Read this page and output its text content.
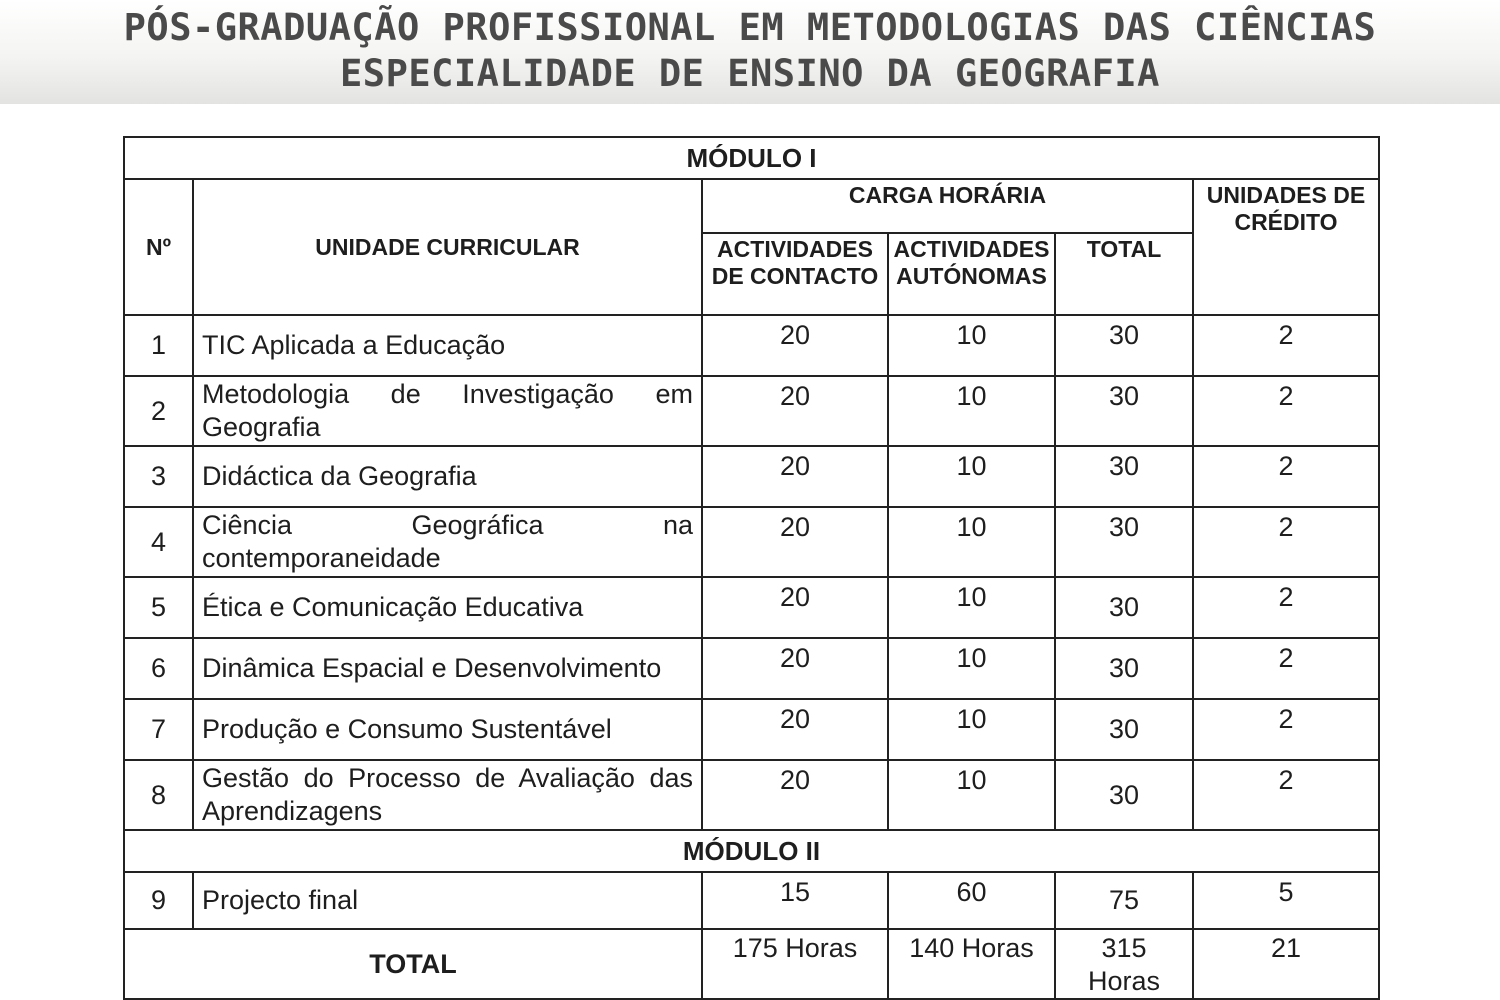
PÓS-GRADUAÇÃO PROFISSIONAL EM METODOLOGIAS DAS CIÊNCIAS
ESPECIALIDADE DE ENSINO DA GEOGRAFIA
MÓDULO I					
Nº	UNIDADE CURRICULAR	CARGA HORÁRIA			UNIDADES DE CRÉDITO
		ACTIVIDADES DE CONTACTO	ACTIVIDADES AUTÓNOMAS	TOTAL	
1	TIC Aplicada a Educação	20	10	30	2
2	Metodologia de Investigação em Geografia	20	10	30	2
3	Didáctica da Geografia	20	10	30	2
4	Ciência Geográfica na contemporaneidade	20	10	30	2
5	Ética e Comunicação Educativa	20	10	30	2
6	Dinâmica Espacial e Desenvolvimento	20	10	30	2
7	Produção e Consumo Sustentável	20	10	30	2
8	Gestão do Processo de Avaliação das Aprendizagens	20	10	30	2
MÓDULO II					
9	Projecto final	15	60	75	5
TOTAL		175 Horas	140 Horas	315 Horas	21
